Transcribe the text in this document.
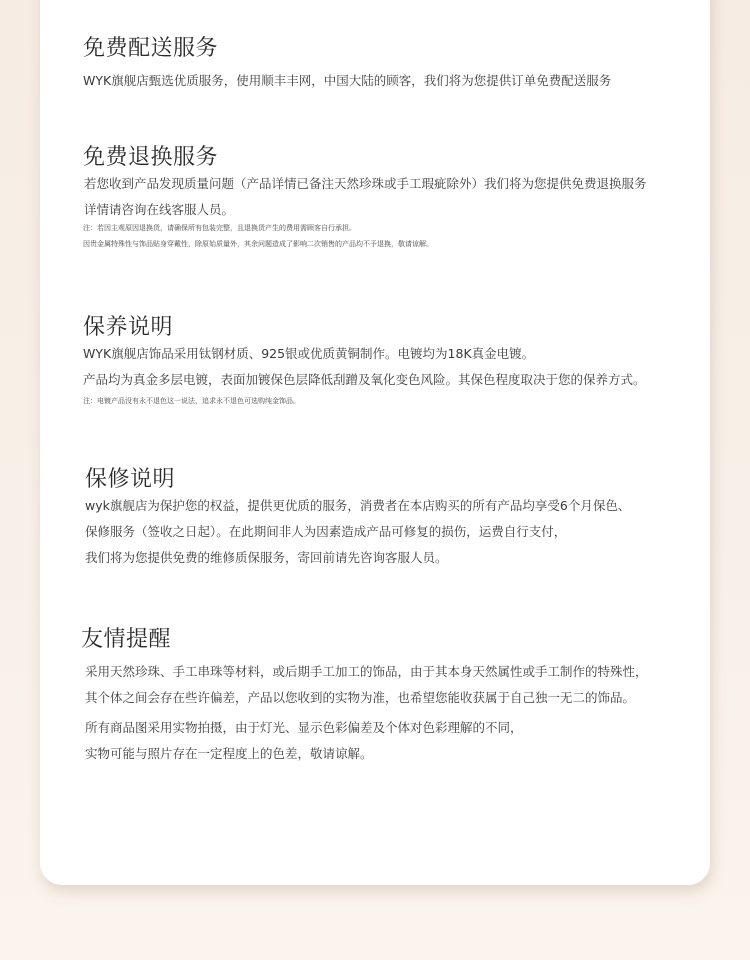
免费配送服务

WYK旗舰店甄选优质服务，使用顺丰丰网，中国大陆的顾客，我们将为您提供订单免费配送服务

免费退换服务

若您收到产品发现质量问题（产品详情已备注天然珍珠或手工瑕疵除外）我们将为您提供免费退换服务

详情请咨询在线客服人员。

注：若因主观原因退换货，请确保所有包装完整，且退换货产生的费用需顾客自行承担。

因贵金属特殊性与饰品贴身穿戴性，除原始质量外，其余问题造成了影响二次销售的产品均不予退换，敬请谅解。

保养说明

WYK旗舰店饰品采用钛钢材质、925银或优质黄铜制作。电镀均为18K真金电镀。

产品均为真金多层电镀，表面加镀保色层降低刮蹭及氧化变色风险。其保色程度取决于您的保养方式。

注：电镀产品没有永不退色这一说法，追求永不退色可选购纯金饰品。

保修说明

wyk旗舰店为保护您的权益，提供更优质的服务，消费者在本店购买的所有产品均享受6个月保色、

保修服务（签收之日起）。在此期间非人为因素造成产品可修复的损伤，运费自行支付，

我们将为您提供免费的维修质保服务，寄回前请先咨询客服人员。

友情提醒

采用天然珍珠、手工串珠等材料，或后期手工加工的饰品，由于其本身天然属性或手工制作的特殊性，

其个体之间会存在些许偏差，产品以您收到的实物为准，也希望您能收获属于自己独一无二的饰品。

所有商品图采用实物拍摄，由于灯光、显示色彩偏差及个体对色彩理解的不同，

实物可能与照片存在一定程度上的色差，敬请谅解。
